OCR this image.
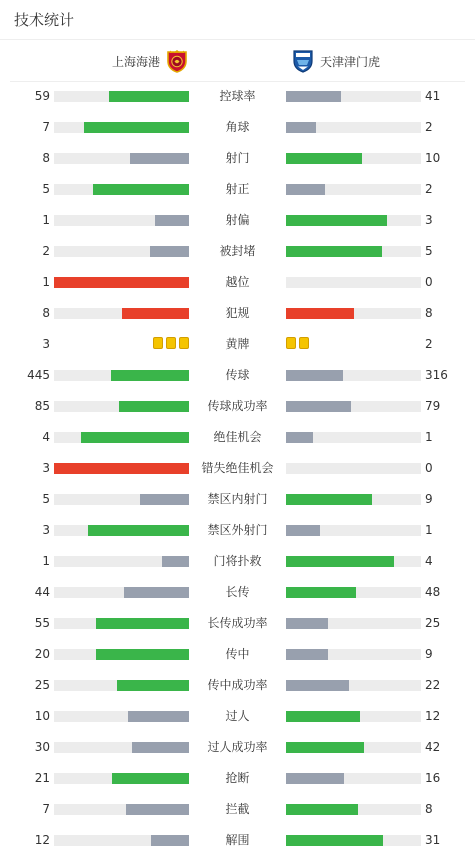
技术统计
上海海港	天津津门虎
59	控球率	41
7	角球	2
8	射门	10
5	射正	2
1	射偏	3
2	被封堵	5
1	越位	0
8	犯规	8
3	黄牌	2
445	传球	316
85	传球成功率	79
4	绝佳机会	1
3	错失绝佳机会	0
5	禁区内射门	9
3	禁区外射门	1
1	门将扑救	4
44	长传	48
55	长传成功率	25
20	传中	9
25	传中成功率	22
10	过人	12
30	过人成功率	42
21	抢断	16
7	拦截	8
12	解围	31
